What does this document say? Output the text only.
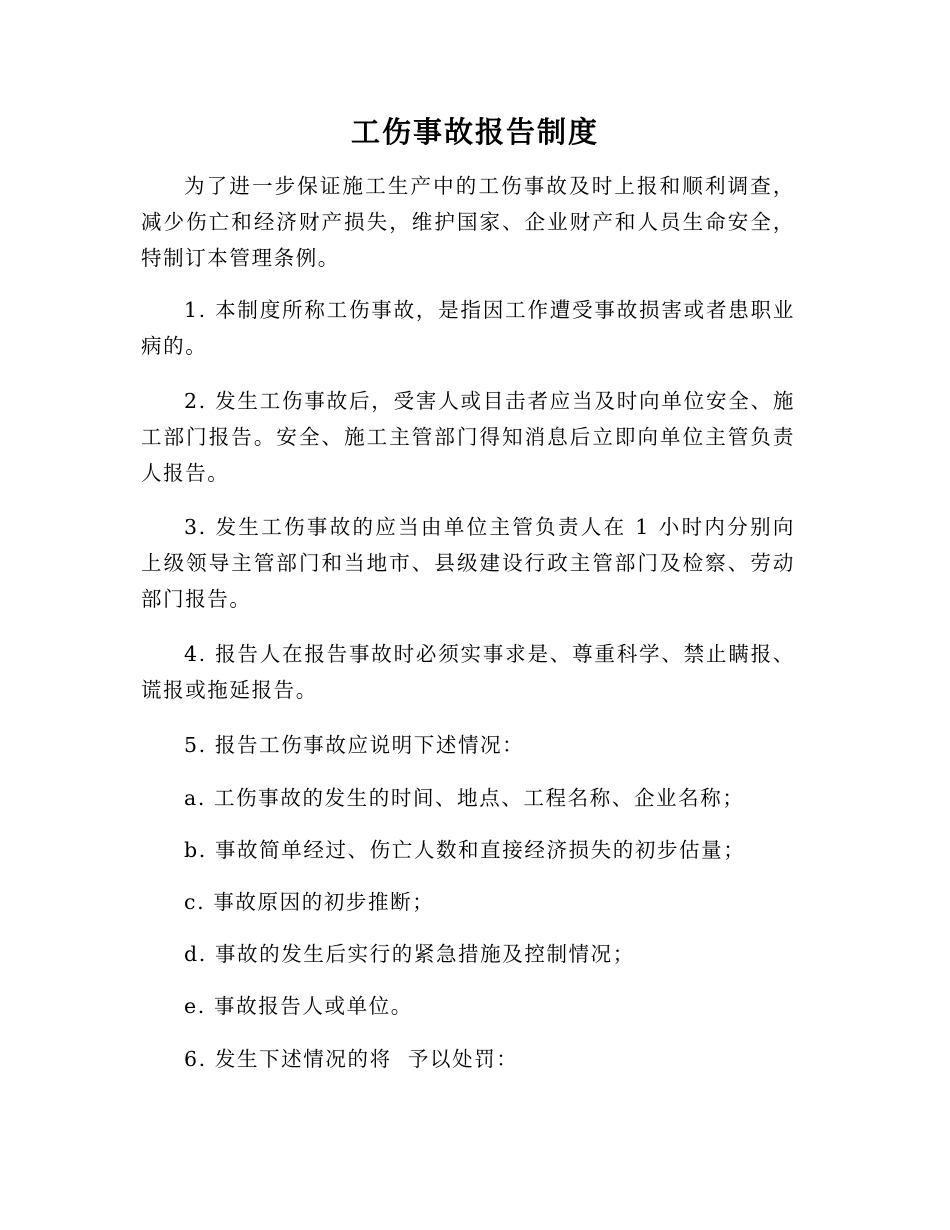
工伤事故报告制度

为了进一步保证施工生产中的工伤事故及时上报和顺利调查，减少伤亡和经济财产损失，维护国家、企业财产和人员生命安全，特制订本管理条例。

1. 本制度所称工伤事故，是指因工作遭受事故损害或者患职业病的。

2. 发生工伤事故后，受害人或目击者应当及时向单位安全、施工部门报告。安全、施工主管部门得知消息后立即向单位主管负责人报告。

3. 发生工伤事故的应当由单位主管负责人在 1 小时内分别向上级领导主管部门和当地市、县级建设行政主管部门及检察、劳动部门报告。

4. 报告人在报告事故时必须实事求是、尊重科学、禁止瞒报、谎报或拖延报告。

5. 报告工伤事故应说明下述情况：

a. 工伤事故的发生的时间、地点、工程名称、企业名称；

b. 事故简单经过、伤亡人数和直接经济损失的初步估量；

c. 事故原因的初步推断；

d. 事故的发生后实行的紧急措施及控制情况；

e. 事故报告人或单位。

6. 发生下述情况的将  予以处罚：
